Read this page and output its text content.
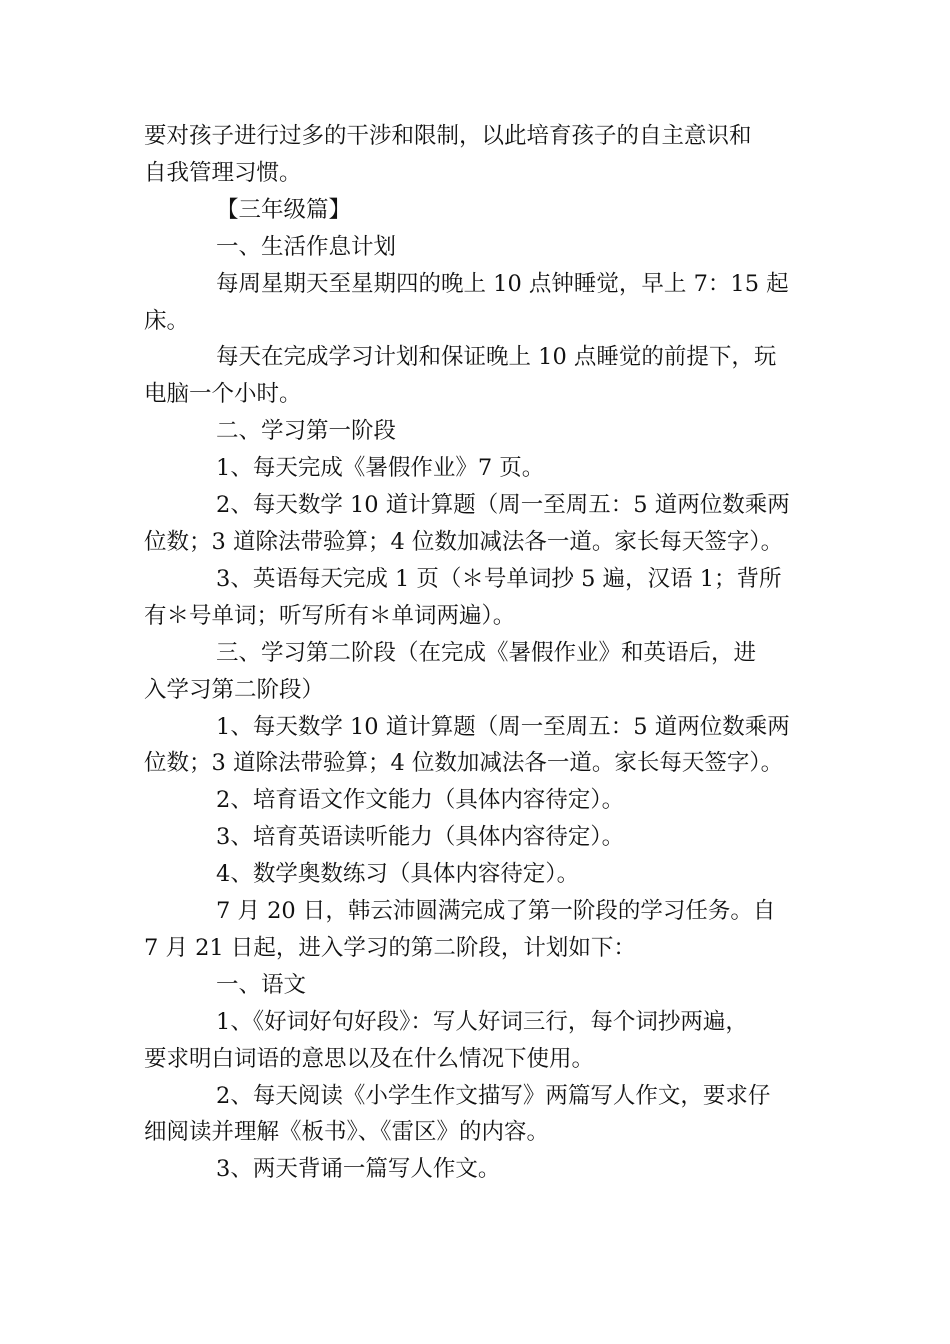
要对孩子进行过多的干涉和限制，以此培育孩子的自主意识和
自我管理习惯。

【三年级篇】

一、生活作息计划

每周星期天至星期四的晚上 10 点钟睡觉，早上 7：15 起
床。

每天在完成学习计划和保证晚上 10 点睡觉的前提下，玩
电脑一个小时。

二、学习第一阶段

1、每天完成《暑假作业》7 页。

2、每天数学 10 道计算题（周一至周五：5 道两位数乘两
位数；3 道除法带验算；4 位数加减法各一道。家长每天签字）。

3、英语每天完成 1 页（＊号单词抄 5 遍，汉语 1；背所
有＊号单词；听写所有＊单词两遍）。

三、学习第二阶段（在完成《暑假作业》和英语后，进
入学习第二阶段）

1、每天数学 10 道计算题（周一至周五：5 道两位数乘两
位数；3 道除法带验算；4 位数加减法各一道。家长每天签字）。

2、培育语文作文能力（具体内容待定）。

3、培育英语读听能力（具体内容待定）。

4、数学奥数练习（具体内容待定）。

7 月 20 日，韩云沛圆满完成了第一阶段的学习任务。自
7 月 21 日起，进入学习的第二阶段，计划如下：

一、语文

1、《好词好句好段》：写人好词三行，每个词抄两遍，
要求明白词语的意思以及在什么情况下使用。

2、每天阅读《小学生作文描写》两篇写人作文，要求仔
细阅读并理解《板书》、《雷区》的内容。

3、两天背诵一篇写人作文。
